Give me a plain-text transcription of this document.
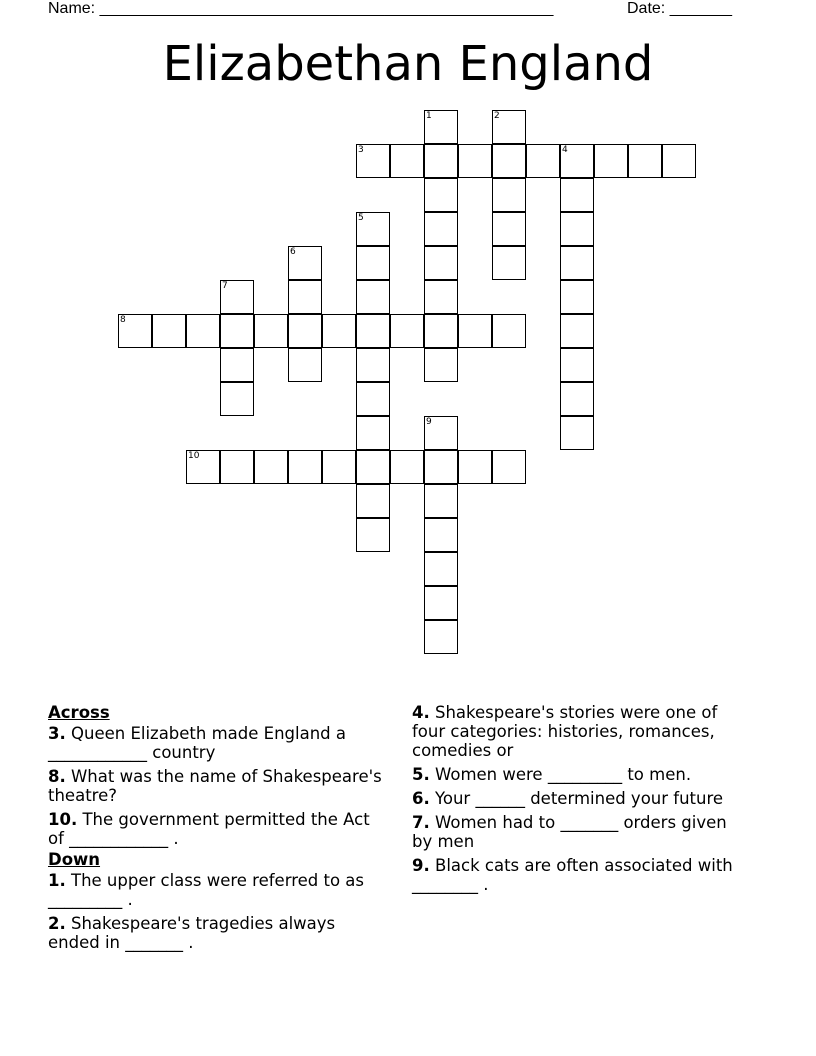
Name: ___________________________________________________	Date: _______
Elizabethan England
1	2
3	4
5
6
7
8
9
10
Across
3. Queen Elizabeth made England a ____________ country
8. What was the name of Shakespeare's theatre?
10. The government permitted the Act of ____________ .
Down
1. The upper class were referred to as _________ .
2. Shakespeare's tragedies always ended in _______ .
4. Shakespeare's stories were one of four categories: histories, romances, comedies or
5. Women were _________ to men.
6. Your ______ determined your future
7. Women had to _______ orders given by men
9. Black cats are often associated with ________ .
